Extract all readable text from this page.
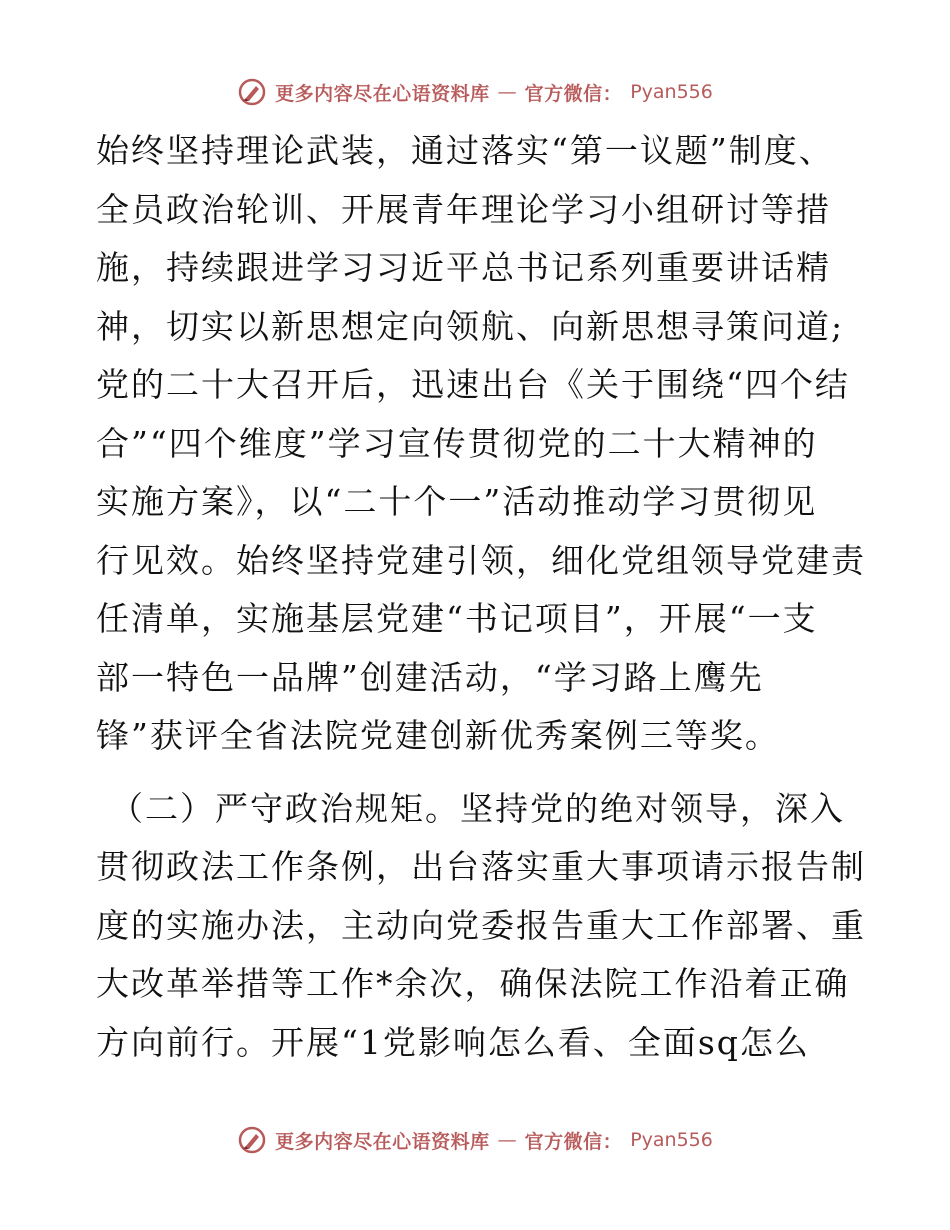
更多内容尽在心语资料库 — 官方微信： Pyan556
始终坚持理论武装，通过落实“第一议题”制度、
全员政治轮训、开展青年理论学习小组研讨等措
施，持续跟进学习习近平总书记系列重要讲话精
神，切实以新思想定向领航、向新思想寻策问道;
党的二十大召开后，迅速出台《关于围绕“四个结
合”“四个维度”学习宣传贯彻党的二十大精神的
实施方案》，以“二十个一”活动推动学习贯彻见
行见效。始终坚持党建引领，细化党组领导党建责
任清单，实施基层党建“书记项目”，开展“一支
部一特色一品牌”创建活动，“学习路上鹰先
锋”获评全省法院党建创新优秀案例三等奖。
（二）严守政治规矩。坚持党的绝对领导，深入
贯彻政法工作条例，出台落实重大事项请示报告制
度的实施办法，主动向党委报告重大工作部署、重
大改革举措等工作*余次，确保法院工作沿着正确
方向前行。开展“1党影响怎么看、全面sq怎么
更多内容尽在心语资料库 — 官方微信： Pyan556
